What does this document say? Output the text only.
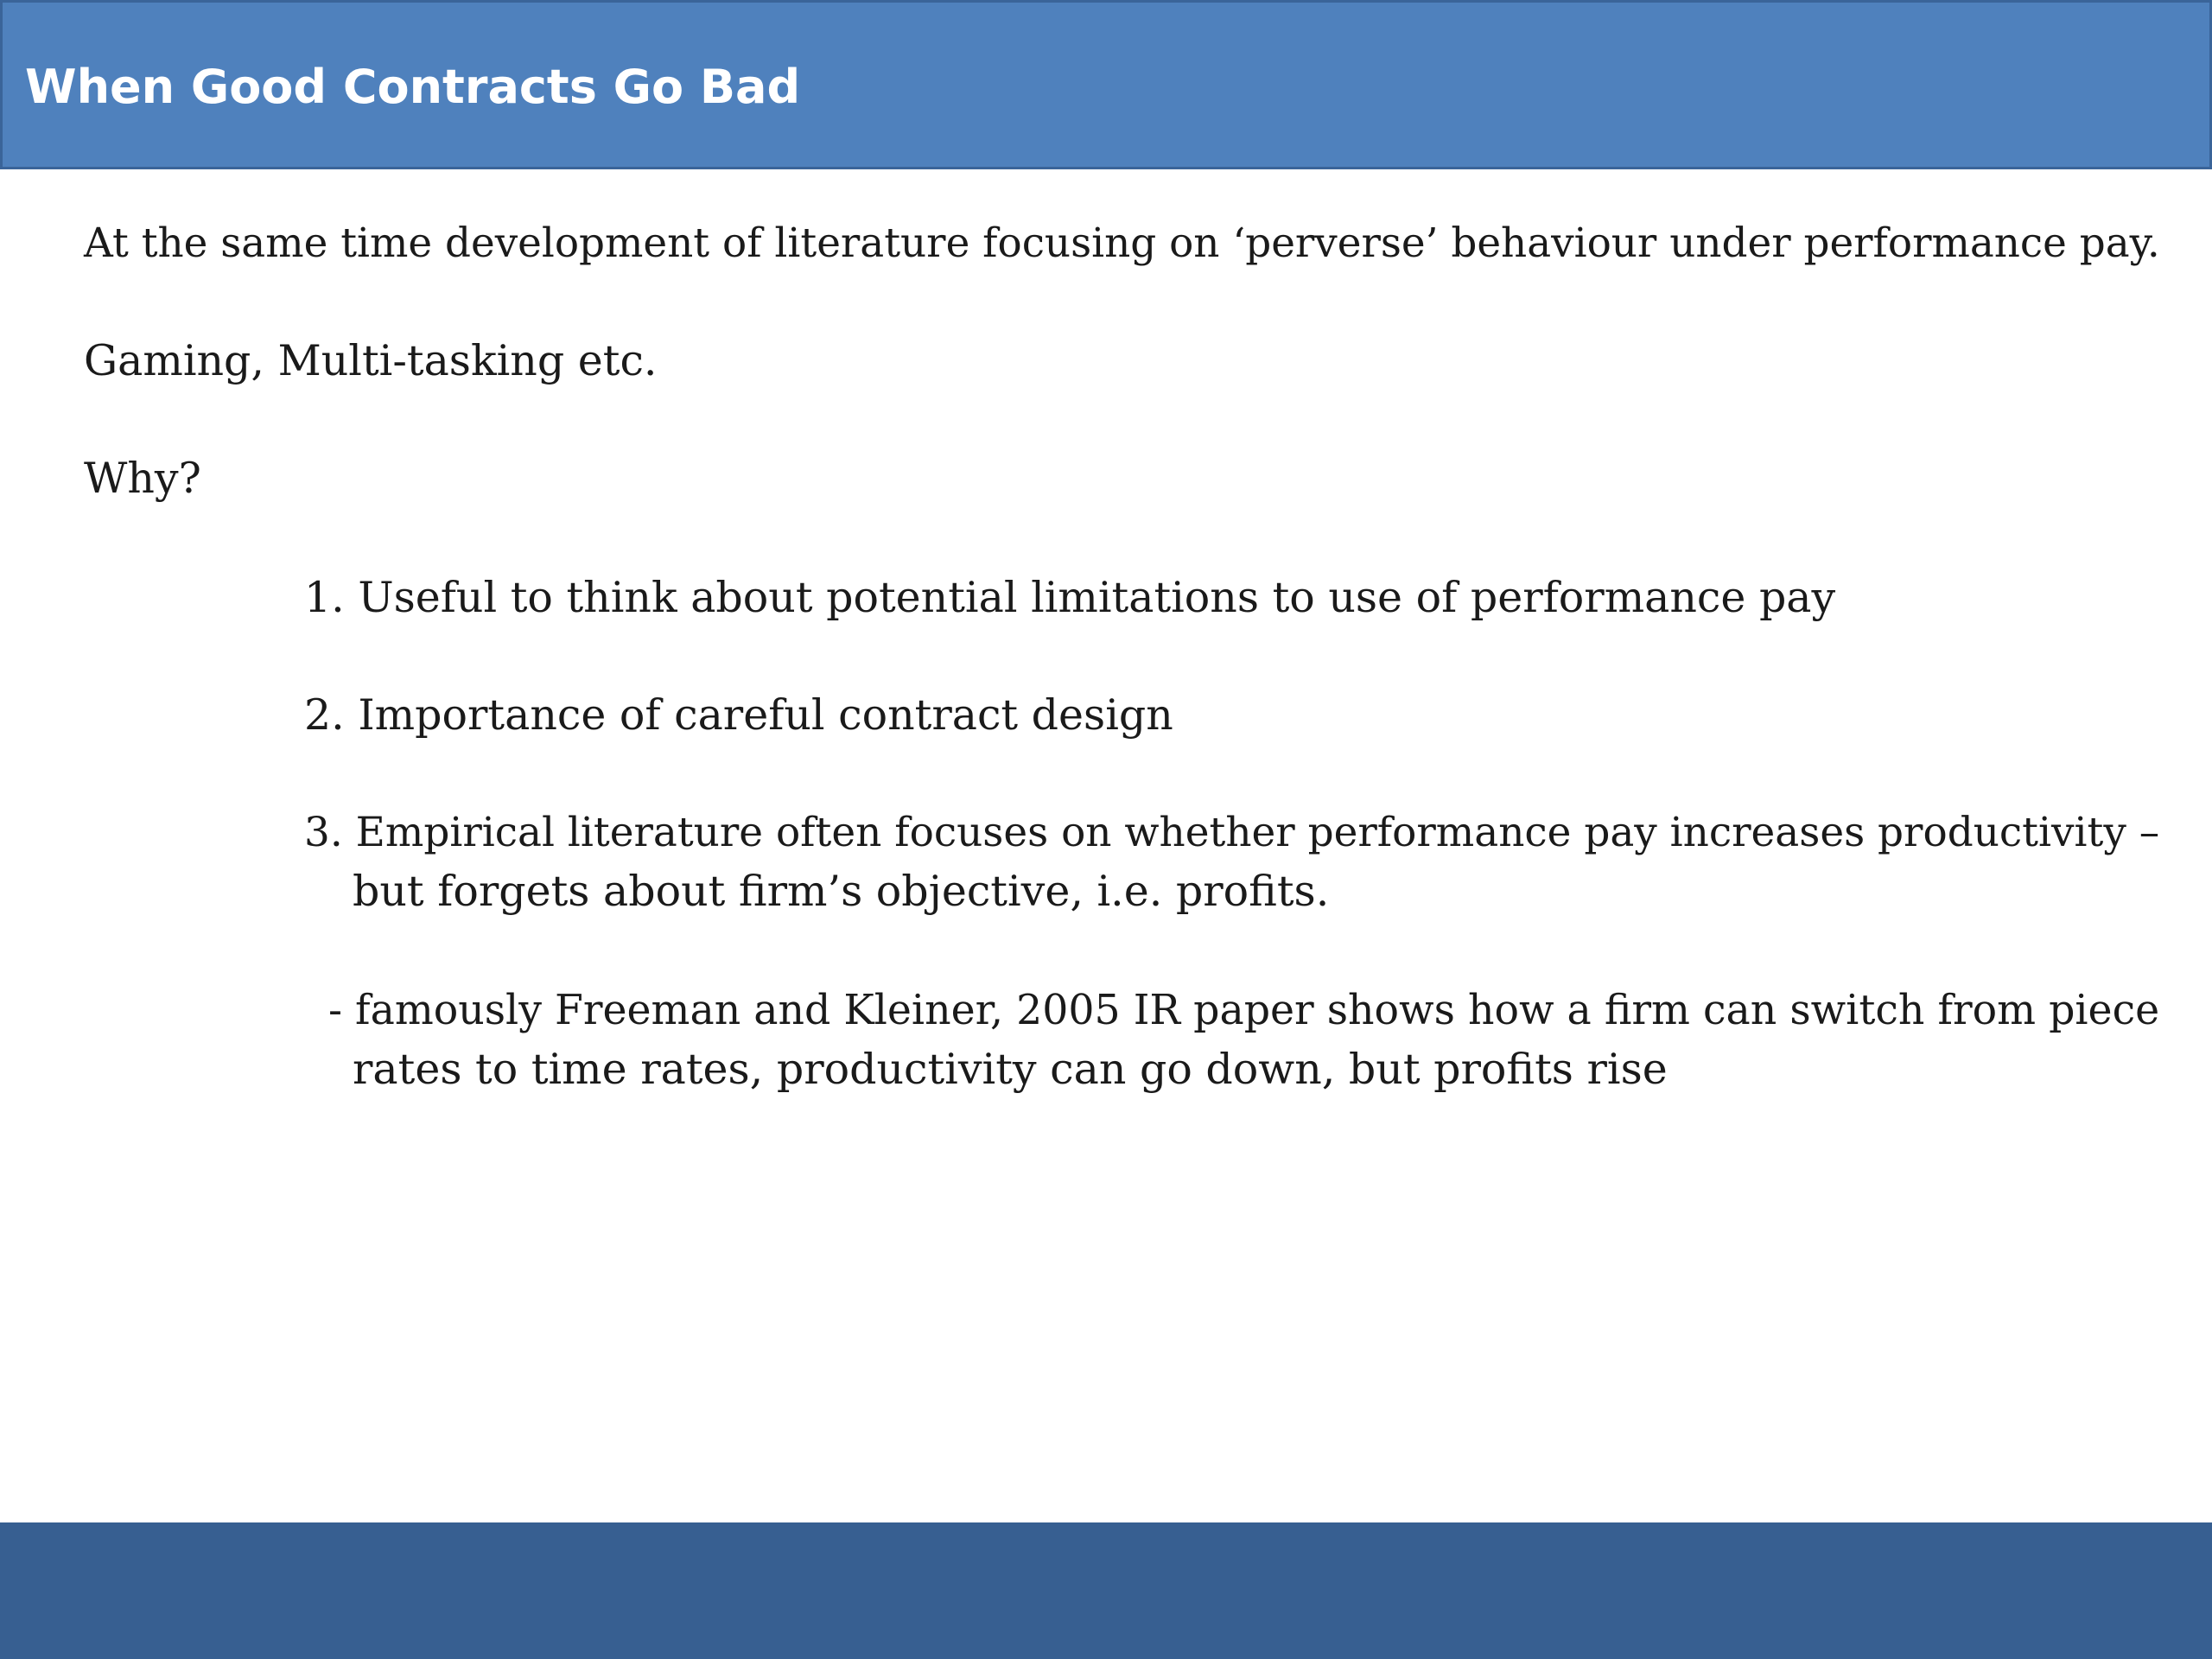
When Good Contracts Go Bad

At the same time development of literature focusing on ‘perverse’ behaviour under performance pay.

Gaming, Multi-tasking etc.

Why?

1. Useful to think about potential limitations to use of performance pay

2. Importance of careful contract design

3. Empirical literature often focuses on whether performance pay increases productivity –

but forgets about firm’s objective, i.e. profits.

- famously Freeman and Kleiner, 2005 IR paper shows how a firm can switch from piece

rates to time rates, productivity can go down, but profits rise
